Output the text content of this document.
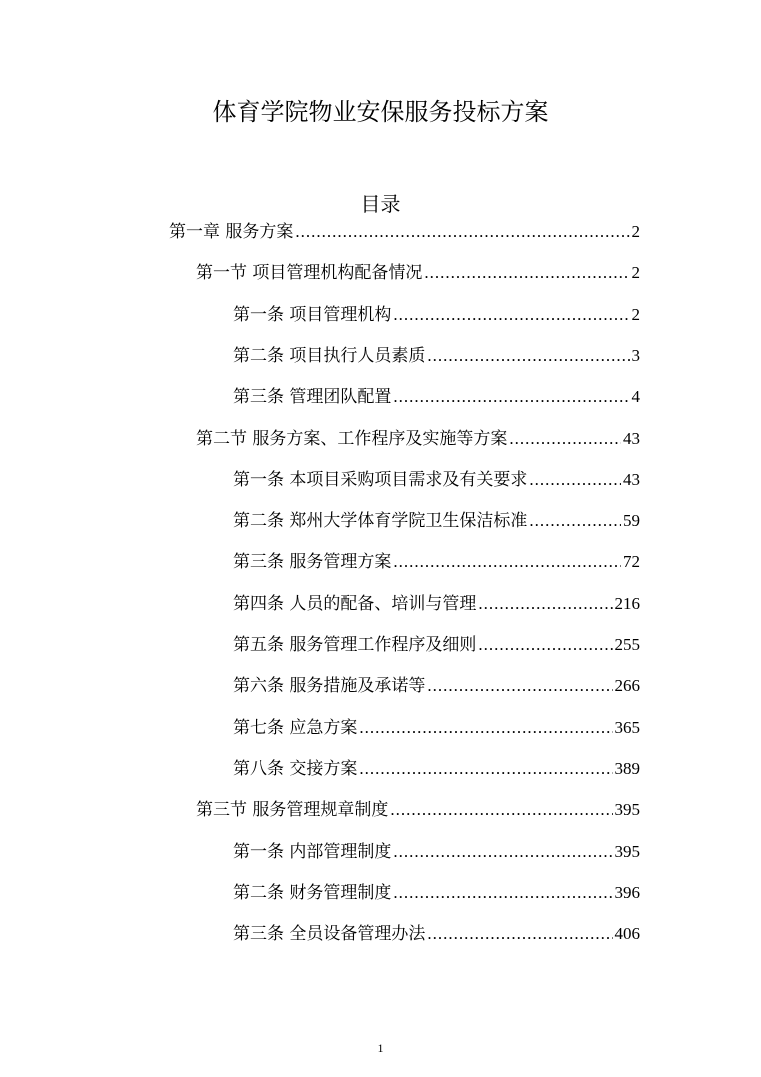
体育学院物业安保服务投标方案
目录
第一章 服务方案 .....	2
第一节 项目管理机构配备情况 .....	2
第一条 项目管理机构 .....	2
第二条 项目执行人员素质 .....	3
第三条 管理团队配置 .....	4
第二节 服务方案、工作程序及实施等方案 .....	43
第一条 本项目采购项目需求及有关要求 .....	43
第二条 郑州大学体育学院卫生保洁标准 .....	59
第三条 服务管理方案 .....	72
第四条 人员的配备、培训与管理 .....	216
第五条 服务管理工作程序及细则 .....	255
第六条 服务措施及承诺等 .....	266
第七条 应急方案 .....	365
第八条 交接方案 .....	389
第三节 服务管理规章制度 .....	395
第一条 内部管理制度 .....	395
第二条 财务管理制度 .....	396
第三条 全员设备管理办法 .....	406
1
